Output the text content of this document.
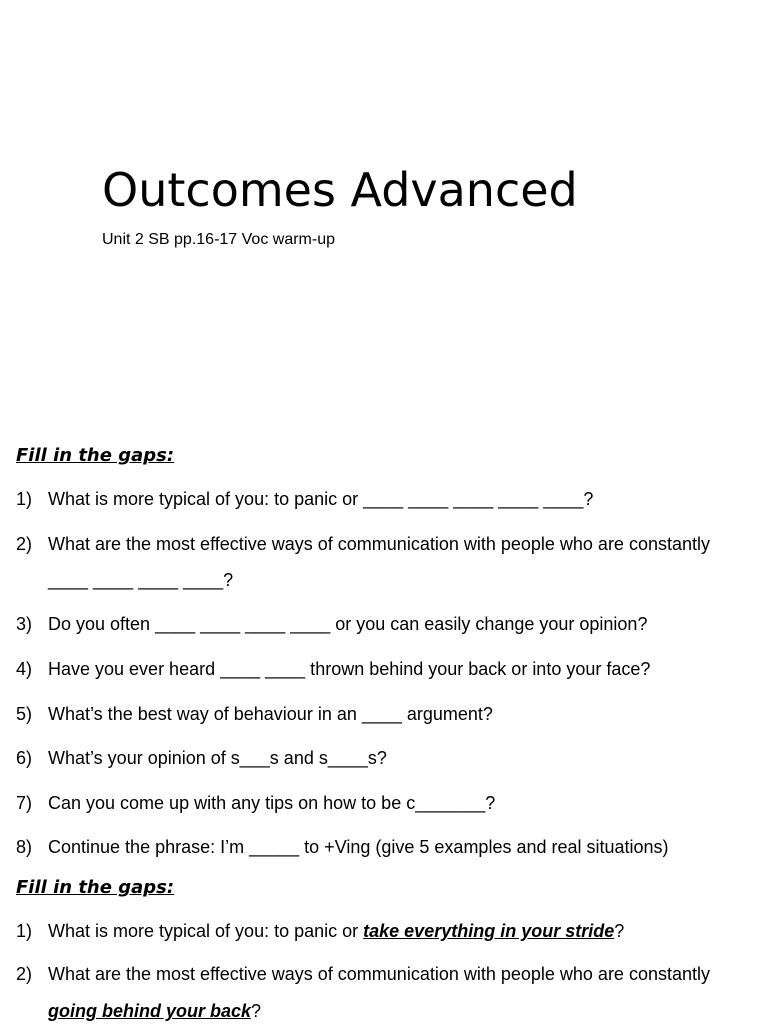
Outcomes Advanced
Unit 2 SB pp.16-17 Voc warm-up
Fill in the gaps:
1) What is more typical of you: to panic or ____ ____ ____ ____ ____?
2) What are the most effective ways of communication with people who are constantly
____ ____ ____ ____?
3) Do you often ____ ____ ____ ____ or you can easily change your opinion?
4) Have you ever heard ____ ____ thrown behind your back or into your face?
5) What’s the best way of behaviour in an ____ argument?
6) What’s your opinion of s___s and s____s?
7) Can you come up with any tips on how to be c_______?
8) Continue the phrase: I’m _____ to +Ving (give 5 examples and real situations)
Fill in the gaps:
1) What is more typical of you: to panic or take everything in your stride?
2) What are the most effective ways of communication with people who are constantly
going behind your back?
